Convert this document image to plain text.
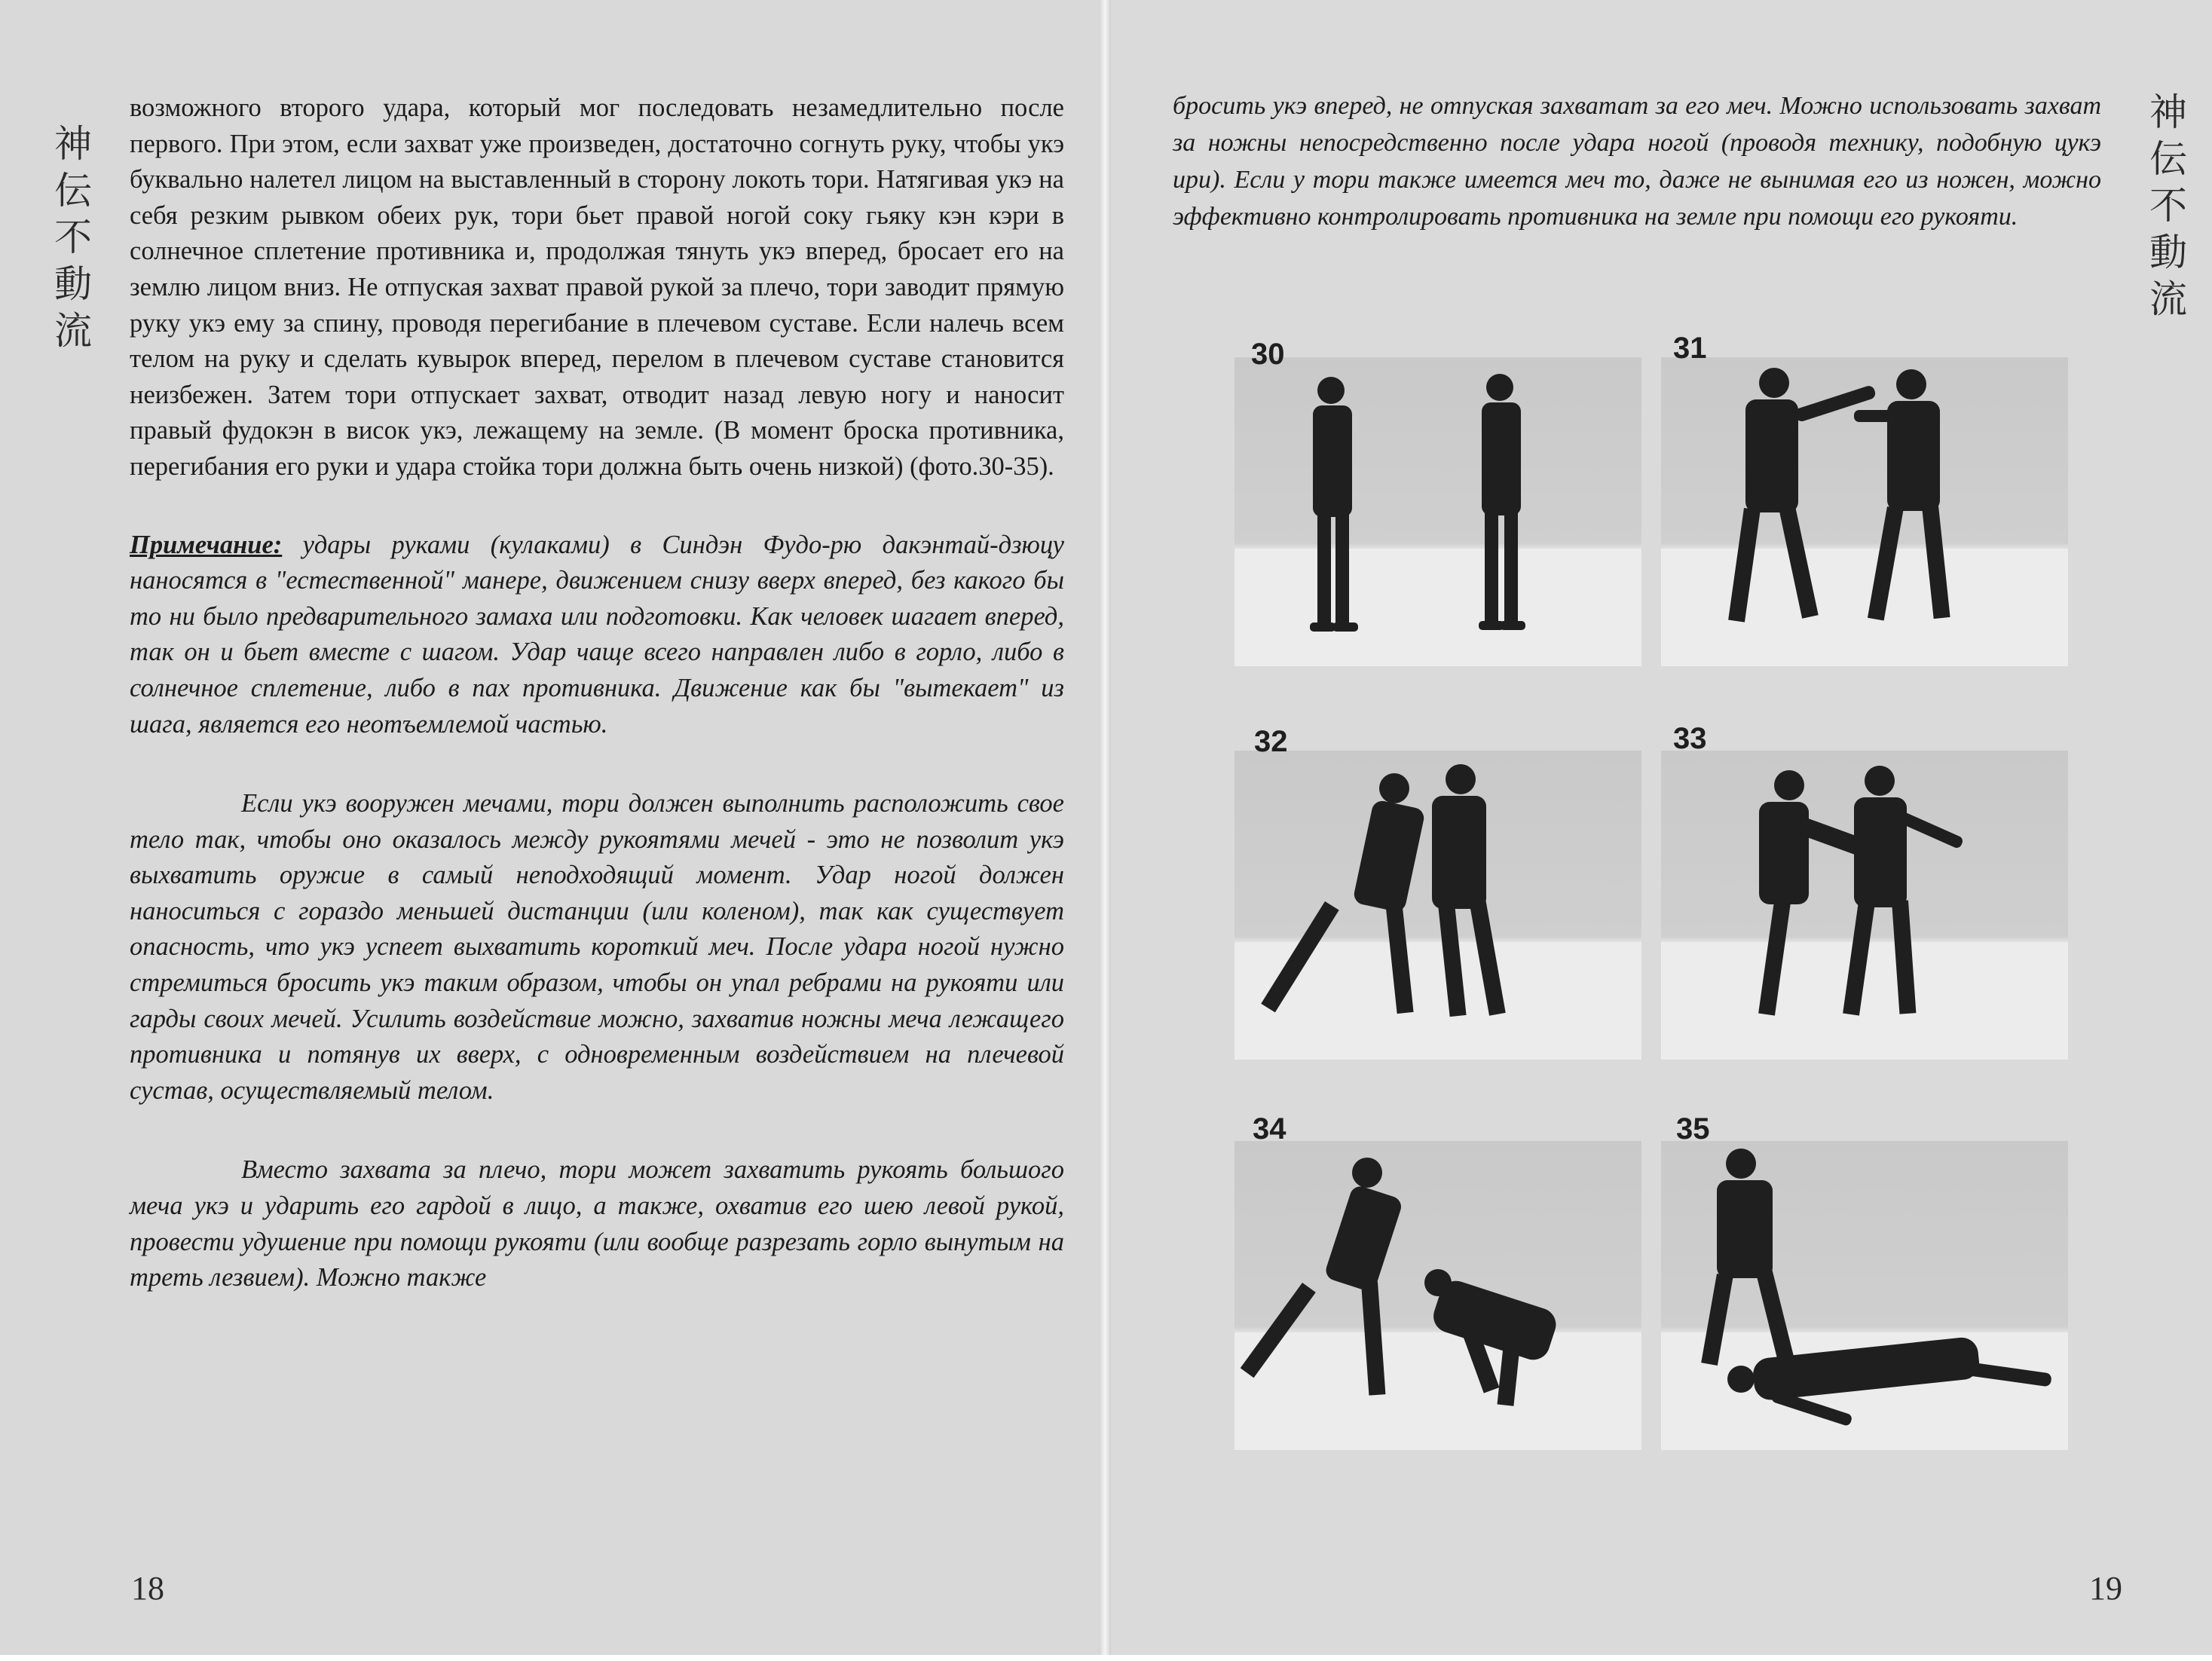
神
伝
不
動
流

возможного второго удара, который мог последовать незамедлительно после первого. При этом, если захват уже произведен, достаточно согнуть руку, чтобы укэ буквально налетел лицом на выставленный в сторону локоть тори. Натягивая укэ на себя резким рывком обеих рук, тори бьет правой ногой соку гьяку кэн кэри в солнечное сплетение противника и, продолжая тянуть укэ вперед, бросает его на землю лицом вниз. Не отпуская захват правой рукой за плечо, тори заводит прямую руку укэ ему за спину, проводя перегибание в плечевом суставе. Если налечь всем телом на руку и сделать кувырок вперед, перелом в плечевом суставе становится неизбежен. Затем тори отпускает захват, отводит назад левую ногу и наносит правый фудокэн в висок укэ, лежащему на земле. (В момент броска противника, перегибания его руки и удара стойка тори должна быть очень низкой) (фото.30-35).

Примечание: удары руками (кулаками) в Синдэн Фудо-рю дакэнтай-дзюцу наносятся в "естественной" манере, движением снизу вверх вперед, без какого бы то ни было предварительного замаха или подготовки. Как человек шагает вперед, так он и бьет вместе с шагом. Удар чаще всего направлен либо в горло, либо в солнечное сплетение, либо в пах противника. Движение как бы "вытекает" из шага, является его неотъемлемой частью.

Если укэ вооружен мечами, тори должен выполнить расположить свое тело так, чтобы оно оказалось между рукоятями мечей - это не позволит укэ выхватить оружие в самый неподходящий момент. Удар ногой должен наноситься с гораздо меньшей дистанции (или коленом), так как существует опасность, что укэ успеет выхватить короткий меч. После удара ногой нужно стремиться бросить укэ таким образом, чтобы он упал ребрами на рукояти или гарды своих мечей. Усилить воздействие можно, захватив ножны меча лежащего противника и потянув их вверх, с одновременным воздействием на плечевой сустав, осуществляемый телом.

Вместо захвата за плечо, тори может захватить рукоять большого меча укэ и ударить его гардой в лицо, а также, охватив его шею левой рукой, провести удушение при помощи рукояти (или вообще разрезать горло вынутым на треть лезвием). Можно также

18
神
伝
不
動
流

бросить укэ вперед, не отпуская захватат за его меч. Можно использовать захват за ножны непосредственно после удара ногой (проводя технику, подобную цукэ ири). Если у тори также имеется меч то, даже не вынимая его из ножен, можно эффективно контролировать противника на земле при помощи его рукояти.

30	31
32	33
34	35
19
